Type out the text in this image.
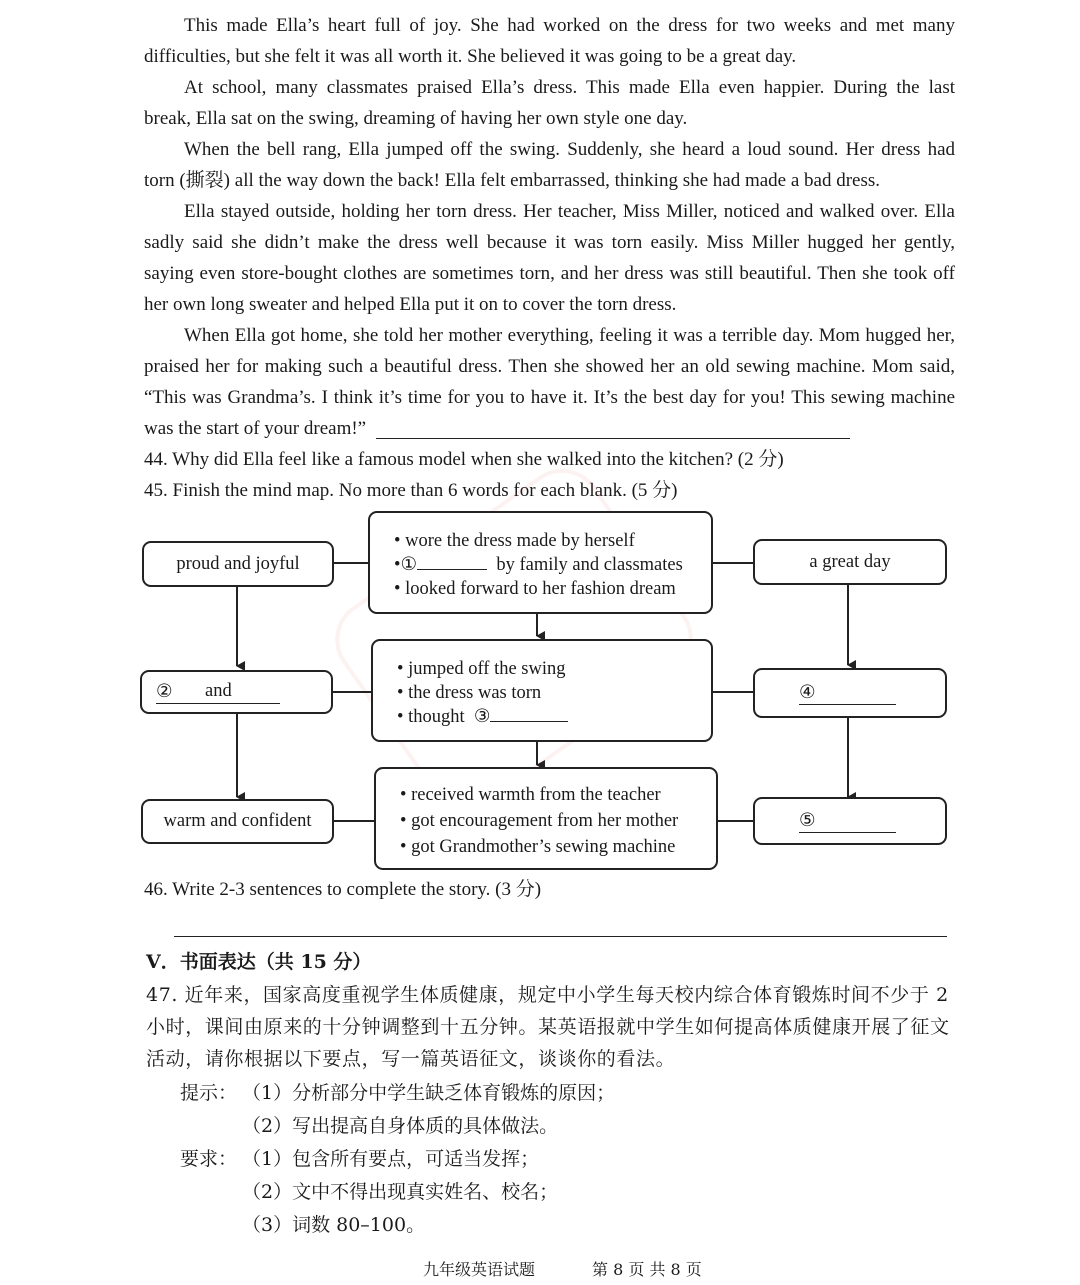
This made Ella’s heart full of joy. She had worked on the dress for two weeks and met many
difficulties, but she felt it was all worth it. She believed it was going to be a great day.
At school, many classmates praised Ella’s dress. This made Ella even happier. During the last
break, Ella sat on the swing, dreaming of having her own style one day.
When the bell rang, Ella jumped off the swing. Suddenly, she heard a loud sound. Her dress had
torn (撕裂) all the way down the back! Ella felt embarrassed, thinking she had made a bad dress.
Ella stayed outside, holding her torn dress. Her teacher, Miss Miller, noticed and walked over. Ella
sadly said she didn’t make the dress well because it was torn easily. Miss Miller hugged her gently,
saying even store-bought clothes are sometimes torn, and her dress was still beautiful. Then she took off
her own long sweater and helped Ella put it on to cover the torn dress.
When Ella got home, she told her mother everything, feeling it was a terrible day. Mom hugged her,
praised her for making such a beautiful dress. Then she showed her an old sewing machine. Mom said,
“This was Grandma’s. I think it’s time for you to have it. It’s the best day for you! This sewing machine
was the start of your dream!”
44. Why did Ella feel like a famous model when she walked into the kitchen? (2 分)
45. Finish the mind map. No more than 6 words for each blank. (5 分)
proud and joyful
② and
warm and confident
• wore the dress made by herself
•①	by family and classmates
• looked forward to her fashion dream
• jumped off the swing
• the dress was torn
• thought ③
• received warmth from the teacher
• got encouragement from her mother
• got Grandmother’s sewing machine
a great day
④
⑤
46. Write 2-3 sentences to complete the story. (3 分)
V．书面表达（共 15 分）
47. 近年来，国家高度重视学生体质健康，规定中小学生每天校内综合体育锻炼时间不少于 2
小时，课间由原来的十分钟调整到十五分钟。某英语报就中学生如何提高体质健康开展了征文
活动，请你根据以下要点，写一篇英语征文，谈谈你的看法。
提示： （1）分析部分中学生缺乏体育锻炼的原因；
（2）写出提高自身体质的具体做法。
要求： （1）包含所有要点，可适当发挥；
（2）文中不得出现真实姓名、校名；
（3）词数 80–100。
九年级英语试题	第 8 页 共 8 页
